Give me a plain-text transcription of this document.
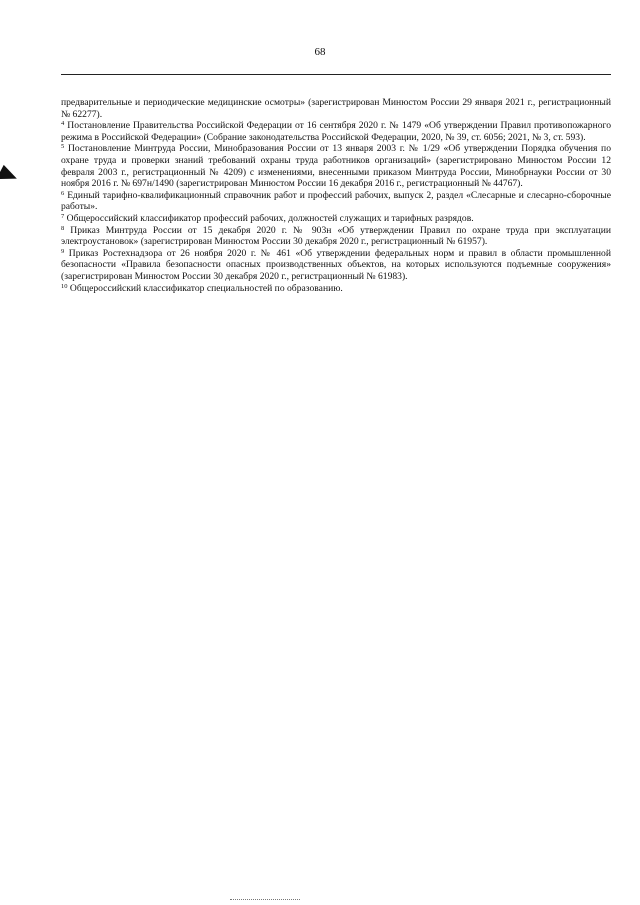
68

предварительные и периодические медицинские осмотры» (зарегистрирован Минюстом России 29 января 2021 г., регистрационный № 62277).

$^4$ Постановление Правительства Российской Федерации от 16 сентября 2020 г. № 1479 «Об утверждении Правил противопожарного режима в Российской Федерации» (Собрание законодательства Российской Федерации, 2020, № 39, ст. 6056; 2021, № 3, ст. 593).

$^5$ Постановление Минтруда России, Минобразования России от 13 января 2003 г. № 1/29 «Об утверждении Порядка обучения по охране труда и проверки знаний требований охраны труда работников организаций» (зарегистрировано Минюстом России 12 февраля 2003 г., регистрационный № 4209) с изменениями, внесенными приказом Минтруда России, Минобрнауки России от 30 ноября 2016 г. № 697н/1490 (зарегистрирован Минюстом России 16 декабря 2016 г., регистрационный № 44767).

$^6$ Единый тарифно-квалификационный справочник работ и профессий рабочих, выпуск 2, раздел «Слесарные и слесарно-сборочные работы».

$^7$ Общероссийский классификатор профессий рабочих, должностей служащих и тарифных разрядов.

$^8$ Приказ Минтруда России от 15 декабря 2020 г. № 903н «Об утверждении Правил по охране труда при эксплуатации электроустановок» (зарегистрирован Минюстом России 30 декабря 2020 г., регистрационный № 61957).

$^9$ Приказ Ростехнадзора от 26 ноября 2020 г. № 461 «Об утверждении федеральных норм и правил в области промышленной безопасности «Правила безопасности опасных производственных объектов, на которых используются подъемные сооружения» (зарегистрирован Минюстом России 30 декабря 2020 г., регистрационный № 61983).

$^{10}$ Общероссийский классификатор специальностей по образованию.
